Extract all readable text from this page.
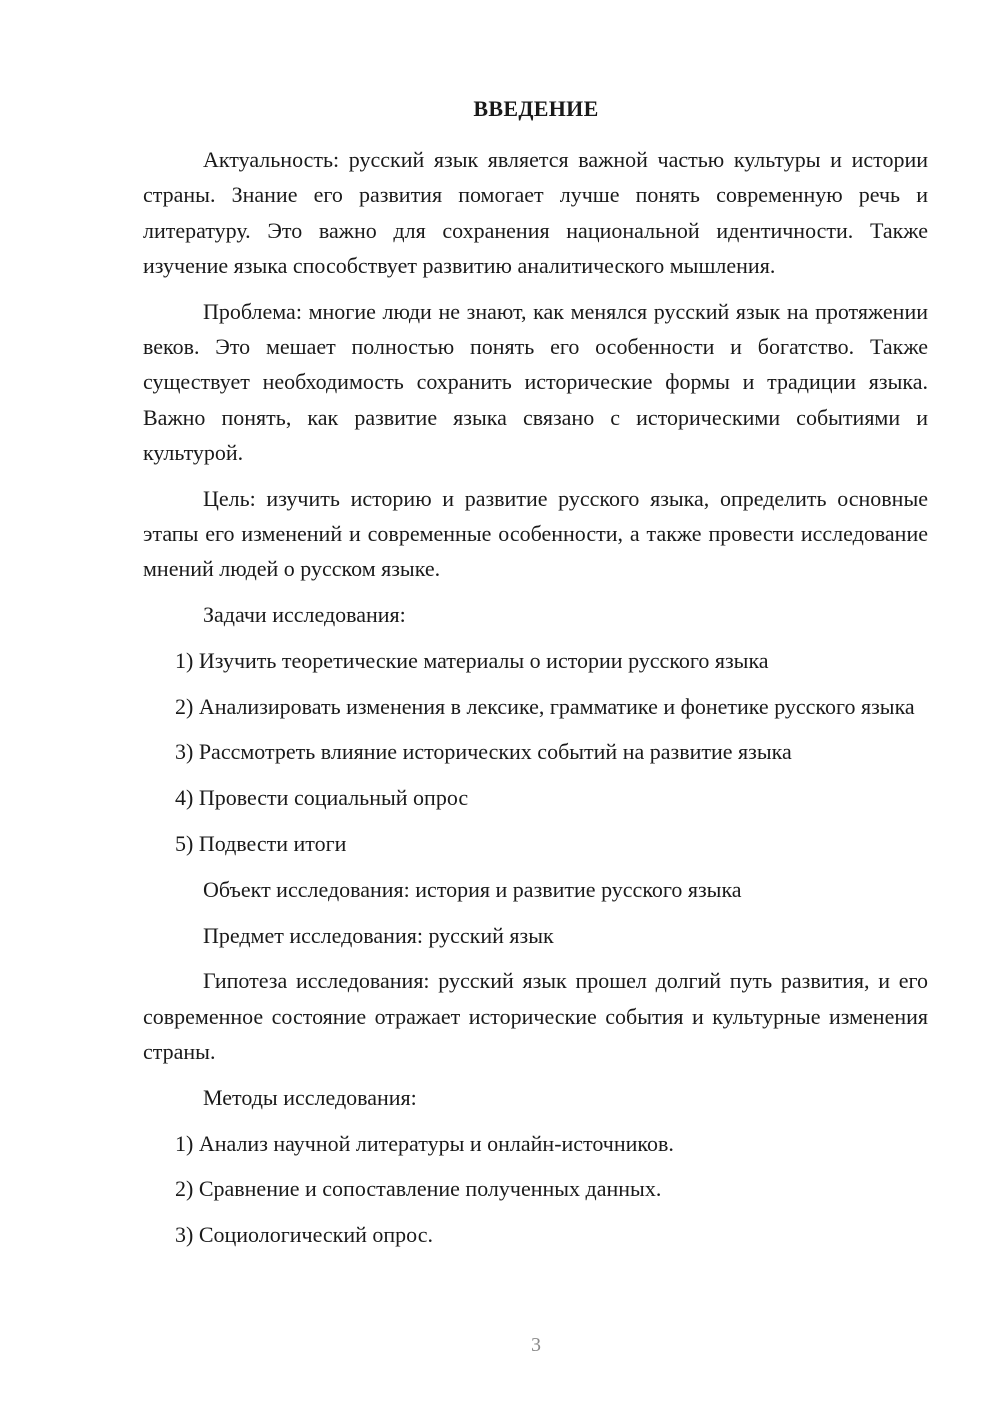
ВВЕДЕНИЕ

Актуальность: русский язык является важной частью культуры и истории страны. Знание его развития помогает лучше понять современную речь и литературу. Это важно для сохранения национальной идентичности. Также изучение языка способствует развитию аналитического мышления.

Проблема: многие люди не знают, как менялся русский язык на протяжении веков. Это мешает полностью понять его особенности и богатство. Также существует необходимость сохранить исторические формы и традиции языка. Важно понять, как развитие языка связано с историческими событиями и культурой.

Цель: изучить историю и развитие русского языка, определить основные этапы его изменений и современные особенности, а также провести исследование мнений людей о русском языке.

Задачи исследования:

1) Изучить теоретические материалы о истории русского языка

2) Анализировать изменения в лексике, грамматике и фонетике русского языка

3) Рассмотреть влияние исторических событий на развитие языка

4) Провести социальный опрос

5) Подвести итоги

Объект исследования: история и развитие русского языка

Предмет исследования: русский язык

Гипотеза исследования: русский язык прошел долгий путь развития, и его современное состояние отражает исторические события и культурные изменения страны.

Методы исследования:

1) Анализ научной литературы и онлайн-источников.

2) Сравнение и сопоставление полученных данных.

3) Социологический опрос.

3
